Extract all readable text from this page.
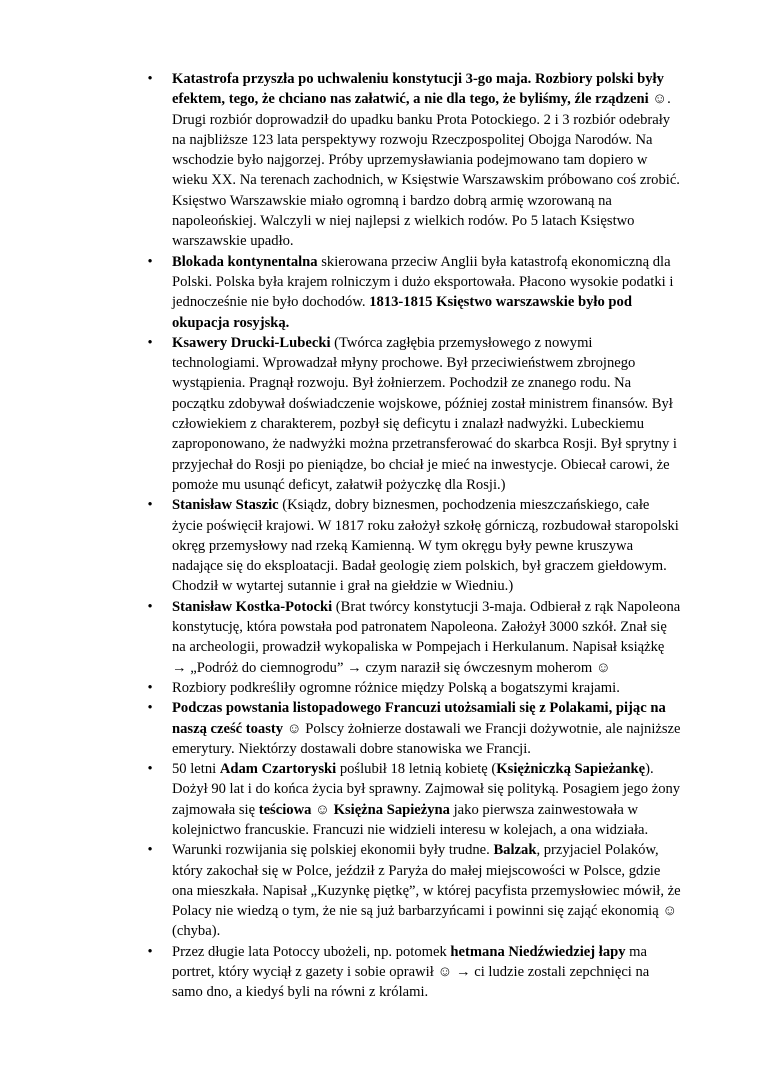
• Katastrofa przyszła po uchwaleniu konstytucji 3-go maja. Rozbiory polski były efektem, tego, że chciano nas załatwić, a nie dla tego, że byliśmy, źle rządzeni ☺. Drugi rozbiór doprowadził do upadku banku Prota Potockiego. 2 i 3 rozbiór odebrały na najbliższe 123 lata perspektywy rozwoju Rzeczpospolitej Obojga Narodów. Na wschodzie było najgorzej. Próby uprzemysławiania podejmowano tam dopiero w wieku XX. Na terenach zachodnich, w Księstwie Warszawskim próbowano coś zrobić. Księstwo Warszawskie miało ogromną i bardzo dobrą armię wzorowaną na napoleońskiej. Walczyli w niej najlepsi z wielkich rodów. Po 5 latach Księstwo warszawskie upadło.
• Blokada kontynentalna skierowana przeciw Anglii była katastrofą ekonomiczną dla Polski. Polska była krajem rolniczym i dużo eksportowała. Płacono wysokie podatki i jednocześnie nie było dochodów. 1813-1815 Księstwo warszawskie było pod okupacja rosyjską.
• Ksawery Drucki-Lubecki (Twórca zagłębia przemysłowego z nowymi technologiami. Wprowadzał młyny prochowe. Był przeciwieństwem zbrojnego wystąpienia. Pragnął rozwoju. Był żołnierzem. Pochodził ze znanego rodu. Na początku zdobywał doświadczenie wojskowe, później został ministrem finansów. Był człowiekiem z charakterem, pozbył się deficytu i znalazł nadwyżki. Lubeckiemu zaproponowano, że nadwyżki można przetransferować do skarbca Rosji. Był sprytny i przyjechał do Rosji po pieniądze, bo chciał je mieć na inwestycje. Obiecał carowi, że pomoże mu usunąć deficyt, załatwił pożyczkę dla Rosji.)
• Stanisław Staszic (Ksiądz, dobry biznesmen, pochodzenia mieszczańskiego, całe życie poświęcił krajowi. W 1817 roku założył szkołę górniczą, rozbudował staropolski okręg przemysłowy nad rzeką Kamienną. W tym okręgu były pewne kruszywa nadające się do eksploatacji. Badał geologię ziem polskich, był graczem giełdowym. Chodził w wytartej sutannie i grał na giełdzie w Wiedniu.)
• Stanisław Kostka-Potocki (Brat twórcy konstytucji 3-maja. Odbierał z rąk Napoleona konstytucję, która powstała pod patronatem Napoleona. Założył 3000 szkół. Znał się na archeologii, prowadził wykopaliska w Pompejach i Herkulanum. Napisał książkę → „Podróż do ciemnogrodu” → czym naraził się ówczesnym moherom ☺
• Rozbiory podkreśliły ogromne różnice między Polską a bogatszymi krajami.
• Podczas powstania listopadowego Francuzi utożsamiali się z Polakami, pijąc na naszą cześć toasty ☺ Polscy żołnierze dostawali we Francji dożywotnie, ale najniższe emerytury. Niektórzy dostawali dobre stanowiska we Francji.
• 50 letni Adam Czartoryski poślubił 18 letnią kobietę (Księżniczką Sapieżankę). Dożył 90 lat i do końca życia był sprawny. Zajmował się polityką. Posagiem jego żony zajmowała się teściowa ☺ Księżna Sapieżyna jako pierwsza zainwestowała w kolejnictwo francuskie. Francuzi nie widzieli interesu w kolejach, a ona widziała.
• Warunki rozwijania się polskiej ekonomii były trudne. Balzak, przyjaciel Polaków, który zakochał się w Polce, jeździł z Paryża do małej miejscowości w Polsce, gdzie ona mieszkała. Napisał „Kuzynkę piętkę”, w której pacyfista przemysłowiec mówił, że Polacy nie wiedzą o tym, że nie są już barbarzyńcami i powinni się zająć ekonomią ☺ (chyba).
• Przez długie lata Potoccy ubożeli, np. potomek hetmana Niedźwiedziej łapy ma portret, który wyciął z gazety i sobie oprawił ☺ → ci ludzie zostali zepchnięci na samo dno, a kiedyś byli na równi z królami.
